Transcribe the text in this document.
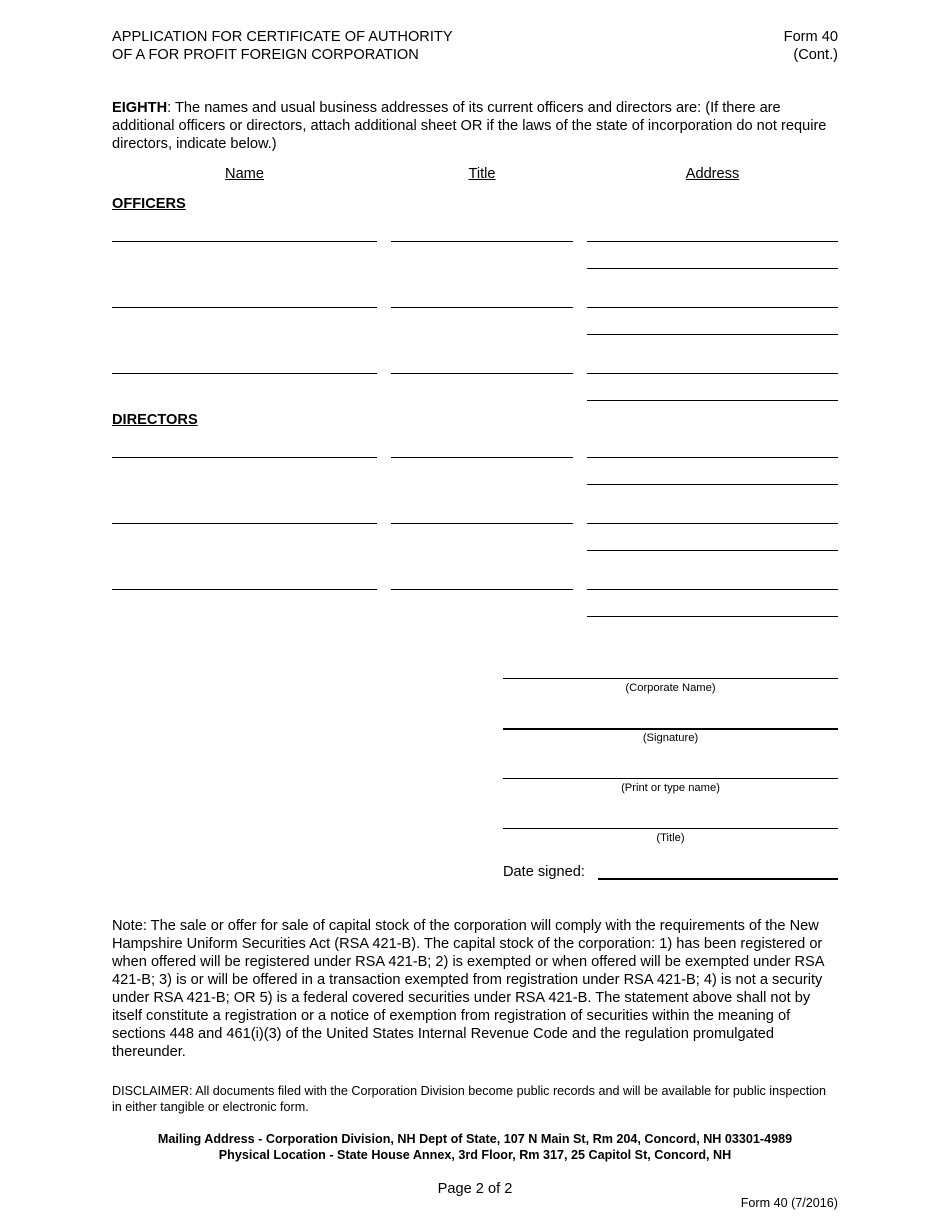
APPLICATION FOR CERTIFICATE OF AUTHORITY
OF A FOR PROFIT FOREIGN CORPORATION
Form 40
(Cont.)
EIGHTH: The names and usual business addresses of its current officers and directors are: (If there are additional officers or directors, attach additional sheet OR if the laws of the state of incorporation do not require directors, indicate below.)
Name	Title	Address
OFFICERS
DIRECTORS
(Corporate Name)
(Signature)
(Print or type name)
(Title)
Date signed:
Note: The sale or offer for sale of capital stock of the corporation will comply with the requirements of the New Hampshire Uniform Securities Act (RSA 421-B). The capital stock of the corporation: 1) has been registered or when offered will be registered under RSA 421-B; 2) is exempted or when offered will be exempted under RSA 421-B; 3) is or will be offered in a transaction exempted from registration under RSA 421-B; 4) is not a security under RSA 421-B; OR 5) is a federal covered securities under RSA 421-B. The statement above shall not by itself constitute a registration or a notice of exemption from registration of securities within the meaning of sections 448 and 461(i)(3) of the United States Internal Revenue Code and the regulation promulgated thereunder.
DISCLAIMER: All documents filed with the Corporation Division become public records and will be available for public inspection in either tangible or electronic form.
Mailing Address - Corporation Division, NH Dept of State, 107 N Main St, Rm 204, Concord, NH 03301-4989
Physical Location - State House Annex, 3rd Floor, Rm 317, 25 Capitol St, Concord, NH
Page 2 of 2
Form 40 (7/2016)
